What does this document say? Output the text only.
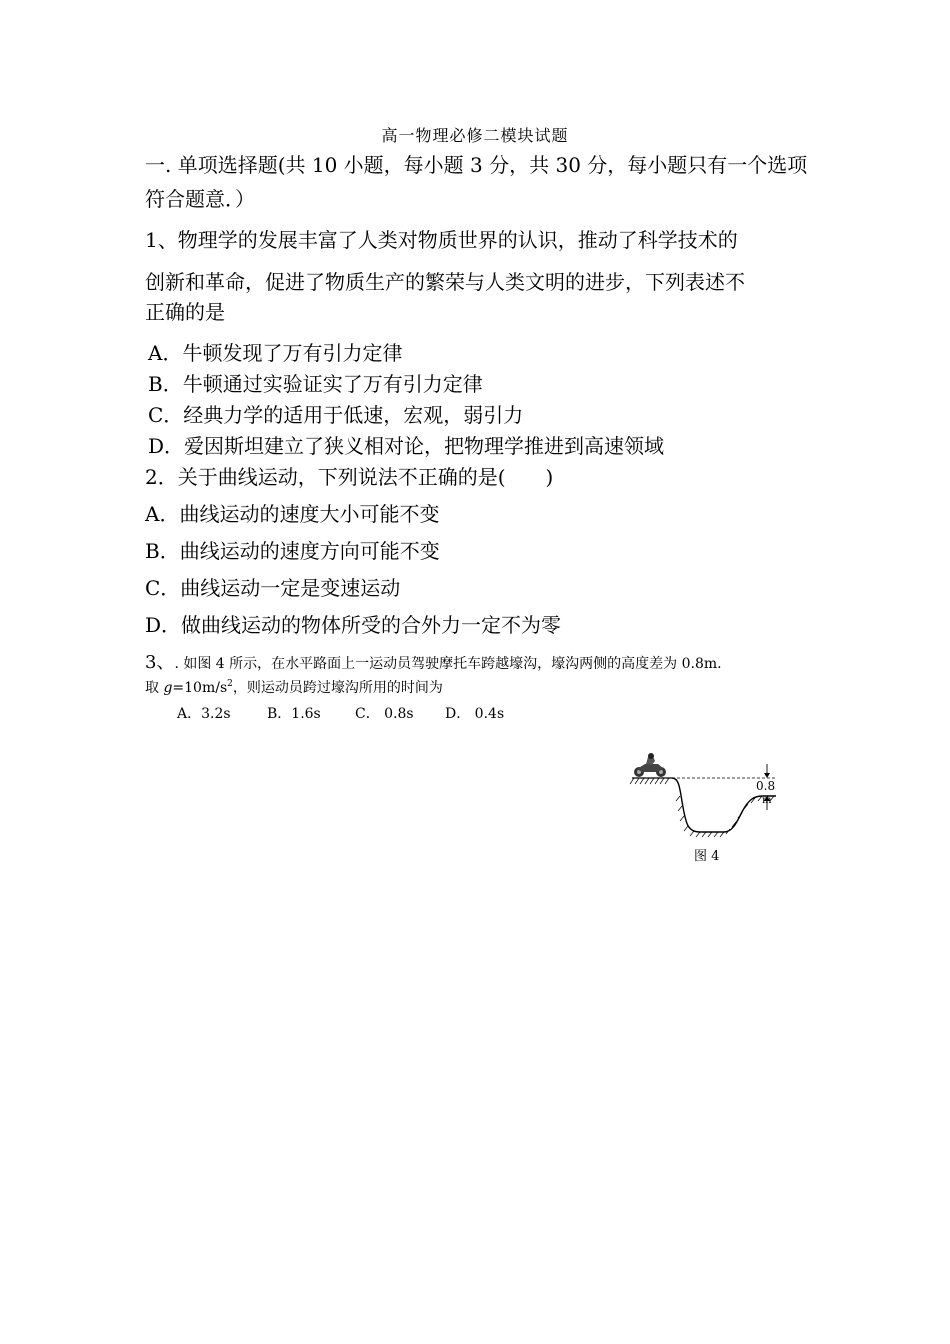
高一物理必修二模块试题
一. 单项选择题(共 10 小题，每小题 3 分，共 30 分，每小题只有一个选项符合题意．）
1、物理学的发展丰富了人类对物质世界的认识，推动了科学技术的
创新和革命，促进了物质生产的繁荣与人类文明的进步，下列表述不
正确的是
A．牛顿发现了万有引力定律
B．牛顿通过实验证实了万有引力定律
C．经典力学的适用于低速，宏观，弱引力
D．爱因斯坦建立了狭义相对论，把物理学推进到高速领域
2．关于曲线运动，下列说法不正确的是(　　)
A．曲线运动的速度大小可能不变
B．曲线运动的速度方向可能不变
C．曲线运动一定是变速运动
D．做曲线运动的物体所受的合外力一定不为零
3、. 如图 4 所示，在水平路面上一运动员驾驶摩托车跨越壕沟，壕沟两侧的高度差为 0.8m.
取 $g=10m/s^2$，则运动员跨过壕沟所用的时间为
A．3.2s	B．1.6s C． 0.8s D． 0.4s
0.8
m
图 4
